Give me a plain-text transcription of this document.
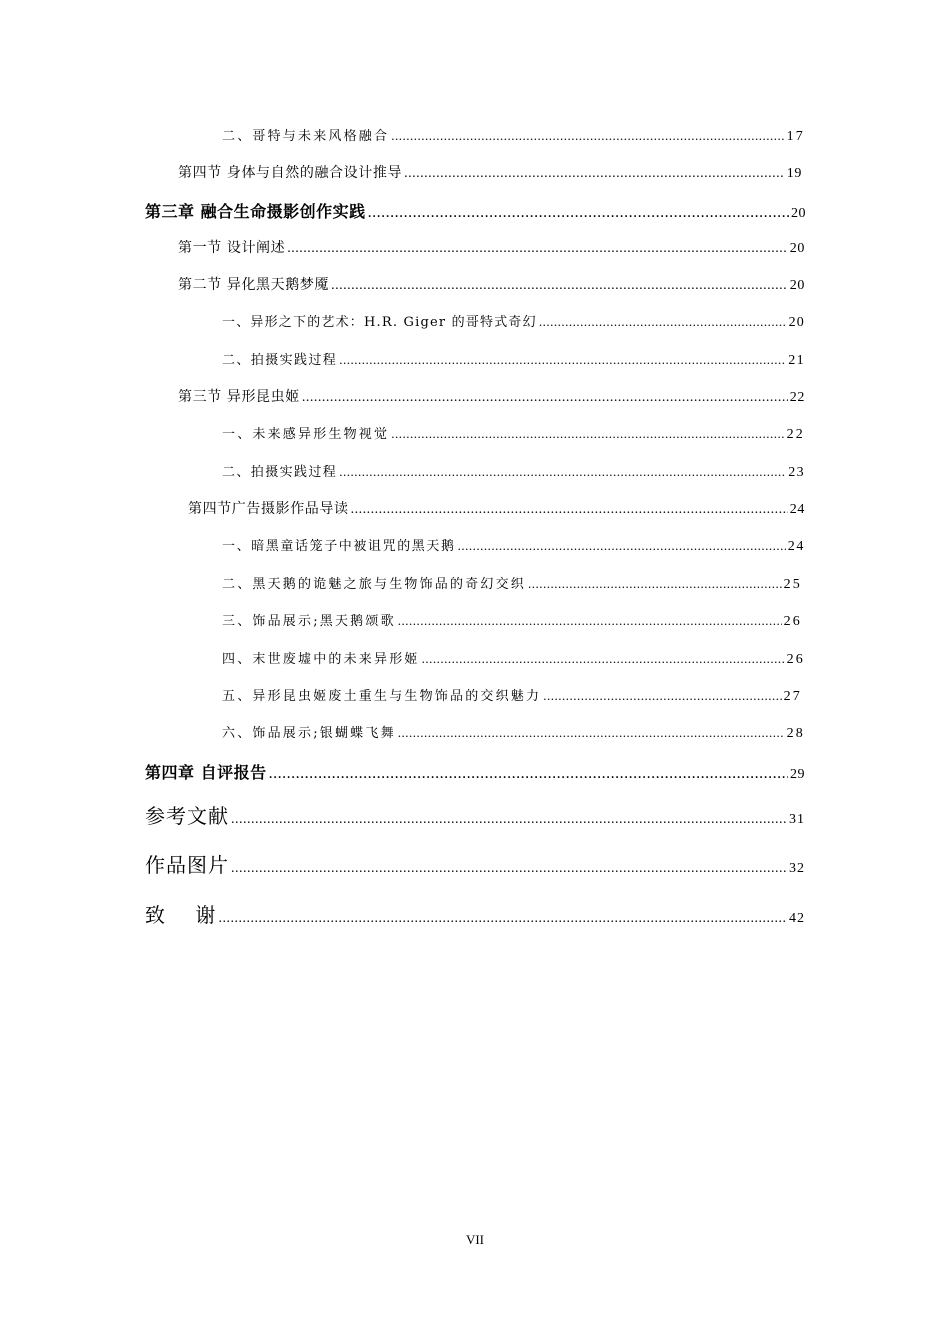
二、哥特与未来风格融合 .....	17
第四节 身体与自然的融合设计推导 .....	19
第三章 融合生命摄影创作实践 .....	20
第一节 设计阐述 .....	20
第二节 异化黑天鹅梦魇 .....	20
一、异形之下的艺术：H.R. Giger 的哥特式奇幻 .....	20
二、拍摄实践过程 .....	21
第三节 异形昆虫姬 .....	22
一、未来感异形生物视觉 .....	22
二、拍摄实践过程 .....	23
第四节广告摄影作品导读 .....	24
一、暗黑童话笼子中被诅咒的黑天鹅 .....	24
二、黑天鹅的诡魅之旅与生物饰品的奇幻交织 .....	25
三、饰品展示;黑天鹅颂歌 .....	26
四、末世废墟中的未来异形姬 .....	26
五、异形昆虫姬废土重生与生物饰品的交织魅力 .....	27
六、饰品展示;银蝴蝶飞舞 .....	28
第四章 自评报告 .....	29
参考文献 .....	31
作品图片 .....	32
致    谢 .....	42
VII
